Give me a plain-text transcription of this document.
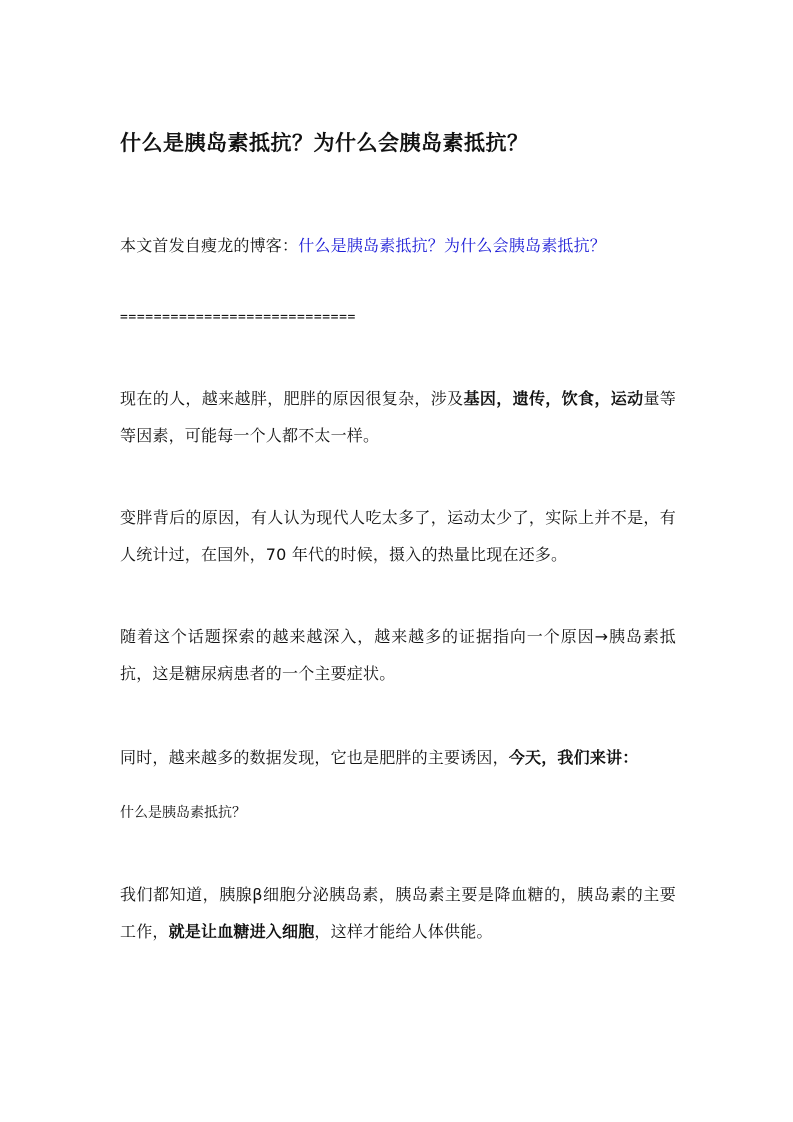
什么是胰岛素抵抗？为什么会胰岛素抵抗？
本文首发自瘦龙的博客：什么是胰岛素抵抗？为什么会胰岛素抵抗？
============================
现在的人，越来越胖，肥胖的原因很复杂，涉及基因，遗传，饮食，运动量等等因素，可能每一个人都不太一样。
变胖背后的原因，有人认为现代人吃太多了，运动太少了，实际上并不是，有人统计过，在国外，70 年代的时候，摄入的热量比现在还多。
随着这个话题探索的越来越深入，越来越多的证据指向一个原因→胰岛素抵抗，这是糖尿病患者的一个主要症状。
同时，越来越多的数据发现，它也是肥胖的主要诱因，今天，我们来讲：
什么是胰岛素抵抗？
我们都知道，胰腺β细胞分泌胰岛素，胰岛素主要是降血糖的，胰岛素的主要工作，就是让血糖进入细胞，这样才能给人体供能。
